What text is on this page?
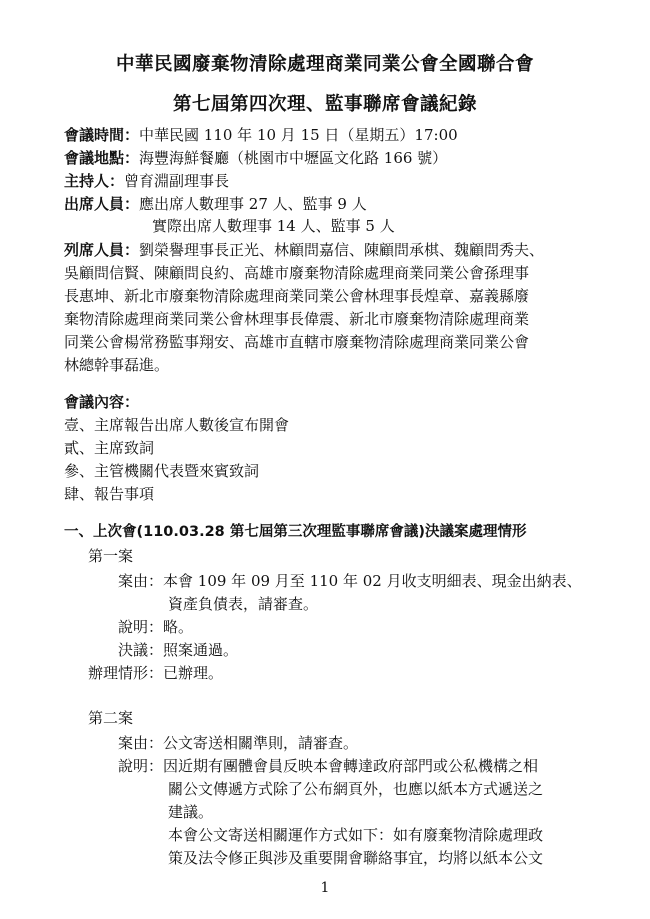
中華民國廢棄物清除處理商業同業公會全國聯合會
第七屆第四次理、監事聯席會議紀錄
會議時間：中華民國 110 年 10 月 15 日（星期五）17:00
會議地點：海豐海鮮餐廳（桃園市中壢區文化路 166 號）
主持人：曾育淵副理事長
出席人員：應出席人數理事 27 人、監事 9 人
實際出席人數理事 14 人、監事 5 人
列席人員：劉榮譽理事長正光、林顧問嘉信、陳顧問承棋、魏顧問秀夫、
吳顧問信賢、陳顧問良約、高雄市廢棄物清除處理商業同業公會孫理事
長惠坤、新北市廢棄物清除處理商業同業公會林理事長煌章、嘉義縣廢
棄物清除處理商業同業公會林理事長偉震、新北市廢棄物清除處理商業
同業公會楊常務監事翔安、高雄市直轄市廢棄物清除處理商業同業公會
林總幹事磊進。
會議內容：
壹、主席報告出席人數後宣布開會
貳、主席致詞
參、主管機關代表暨來賓致詞
肆、報告事項
一、上次會(110.03.28 第七屆第三次理監事聯席會議)決議案處理情形
第一案
案由：本會 109 年 09 月至 110 年 02 月收支明細表、現金出納表、
資產負債表，請審查。
說明：略。
決議：照案通過。
辦理情形：已辦理。
第二案
案由：公文寄送相關準則，請審查。
說明：因近期有團體會員反映本會轉達政府部門或公私機構之相
關公文傳遞方式除了公布網頁外，也應以紙本方式遞送之
建議。
本會公文寄送相關運作方式如下：如有廢棄物清除處理政
策及法令修正與涉及重要開會聯絡事宜，均將以紙本公文
1
